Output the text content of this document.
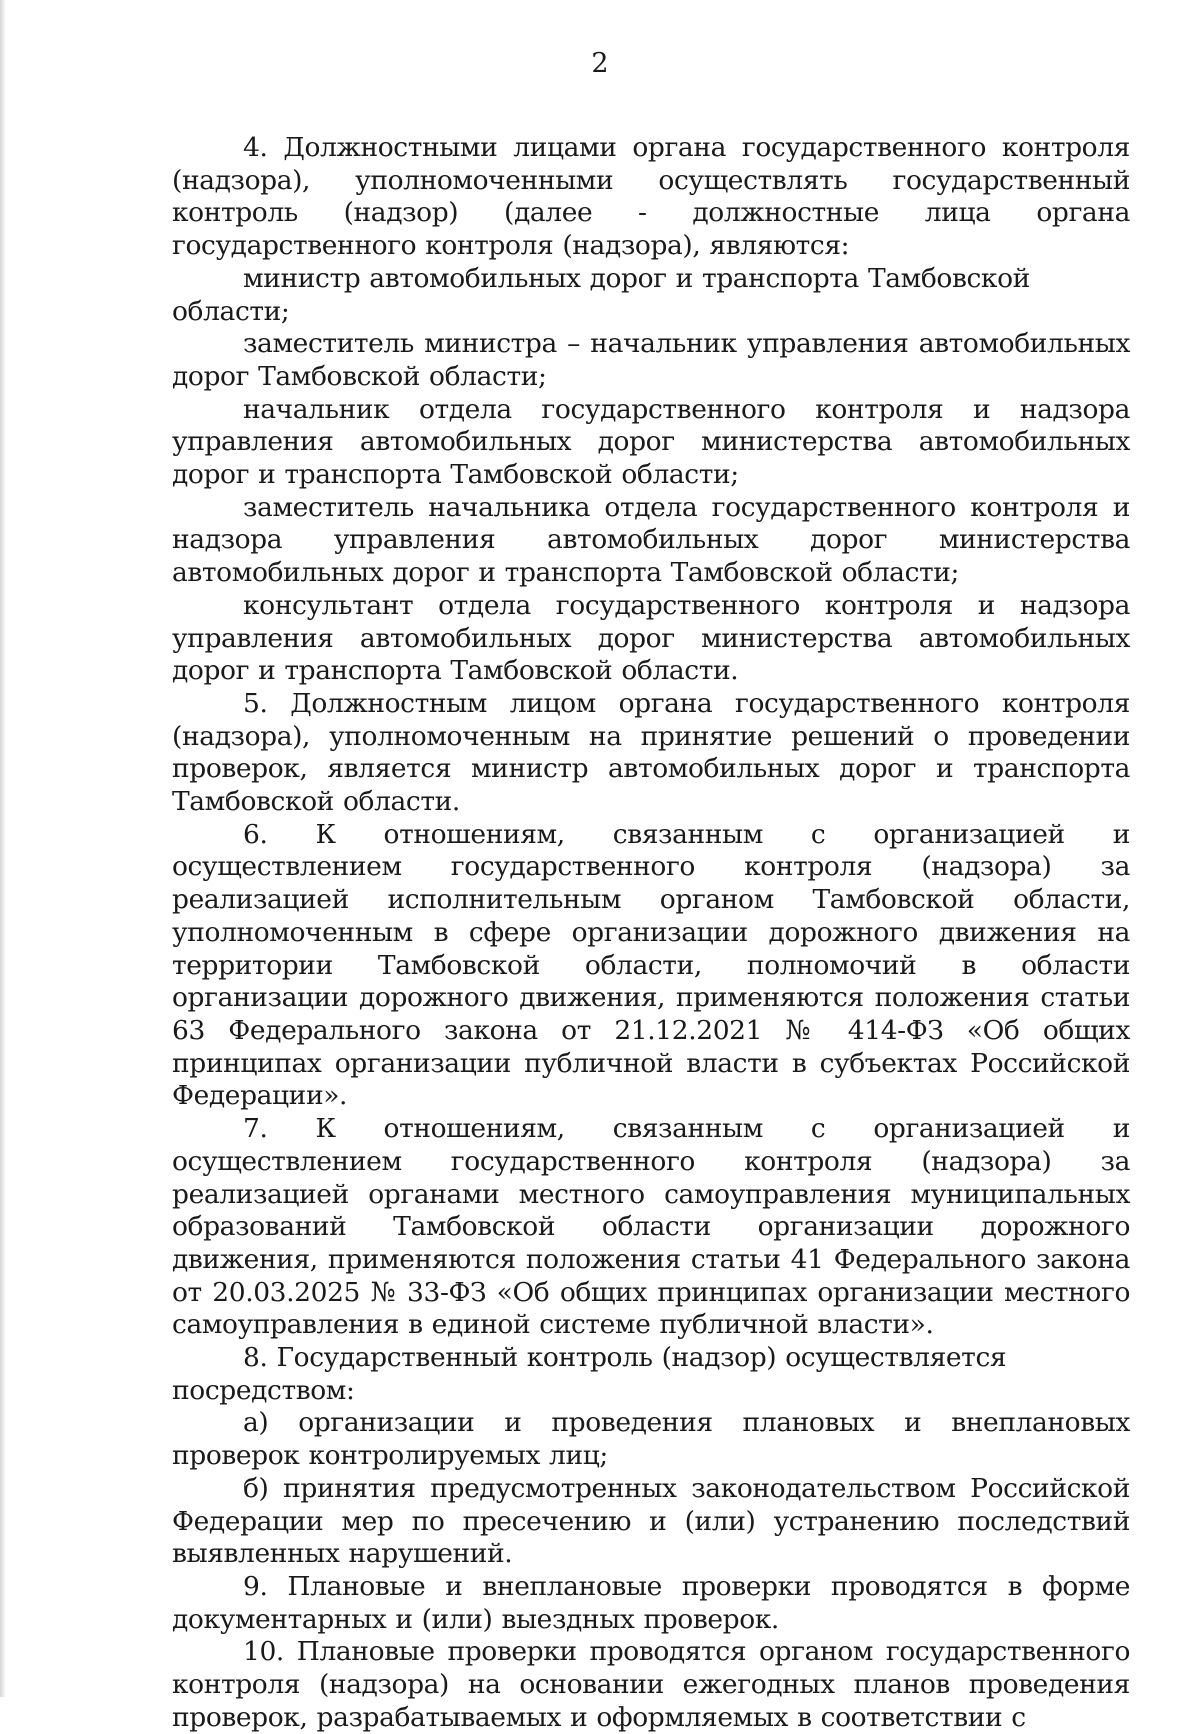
2

4. Должностными лицами органа государственного контроля (надзора), уполномоченными осуществлять государственный контроль (надзор) (далее - должностные лица органа государственного контроля (надзора), являются:

министр автомобильных дорог и транспорта Тамбовской области;

заместитель министра – начальник управления автомобильных дорог Тамбовской области;

начальник отдела государственного контроля и надзора управления автомобильных дорог министерства автомобильных дорог и транспорта Тамбовской области;

заместитель начальника отдела государственного контроля и надзора управления автомобильных дорог министерства автомобильных дорог и транспорта Тамбовской области;

консультант отдела государственного контроля и надзора управления автомобильных дорог министерства автомобильных дорог и транспорта Тамбовской области.

5. Должностным лицом органа государственного контроля (надзора), уполномоченным на принятие решений о проведении проверок, является министр автомобильных дорог и транспорта Тамбовской области.

6. К отношениям, связанным с организацией и осуществлением государственного контроля (надзора) за реализацией исполнительным органом Тамбовской области, уполномоченным в сфере организации дорожного движения на территории Тамбовской области, полномочий в области организации дорожного движения, применяются положения статьи 63 Федерального закона от 21.12.2021 № 414-ФЗ «Об общих принципах организации публичной власти в субъектах Российской Федерации».

7. К отношениям, связанным с организацией и осуществлением государственного контроля (надзора) за реализацией органами местного самоуправления муниципальных образований Тамбовской области организации дорожного движения, применяются положения статьи 41 Федерального закона от 20.03.2025 № 33-ФЗ «Об общих принципах организации местного самоуправления в единой системе публичной власти».

8. Государственный контроль (надзор) осуществляется посредством:

а) организации и проведения плановых и внеплановых проверок контролируемых лиц;

б) принятия предусмотренных законодательством Российской Федерации мер по пресечению и (или) устранению последствий выявленных нарушений.

9. Плановые и внеплановые проверки проводятся в форме документарных и (или) выездных проверок.

10. Плановые проверки проводятся органом государственного контроля (надзора) на основании ежегодных планов проведения проверок, разрабатываемых и оформляемых в соответствии с
